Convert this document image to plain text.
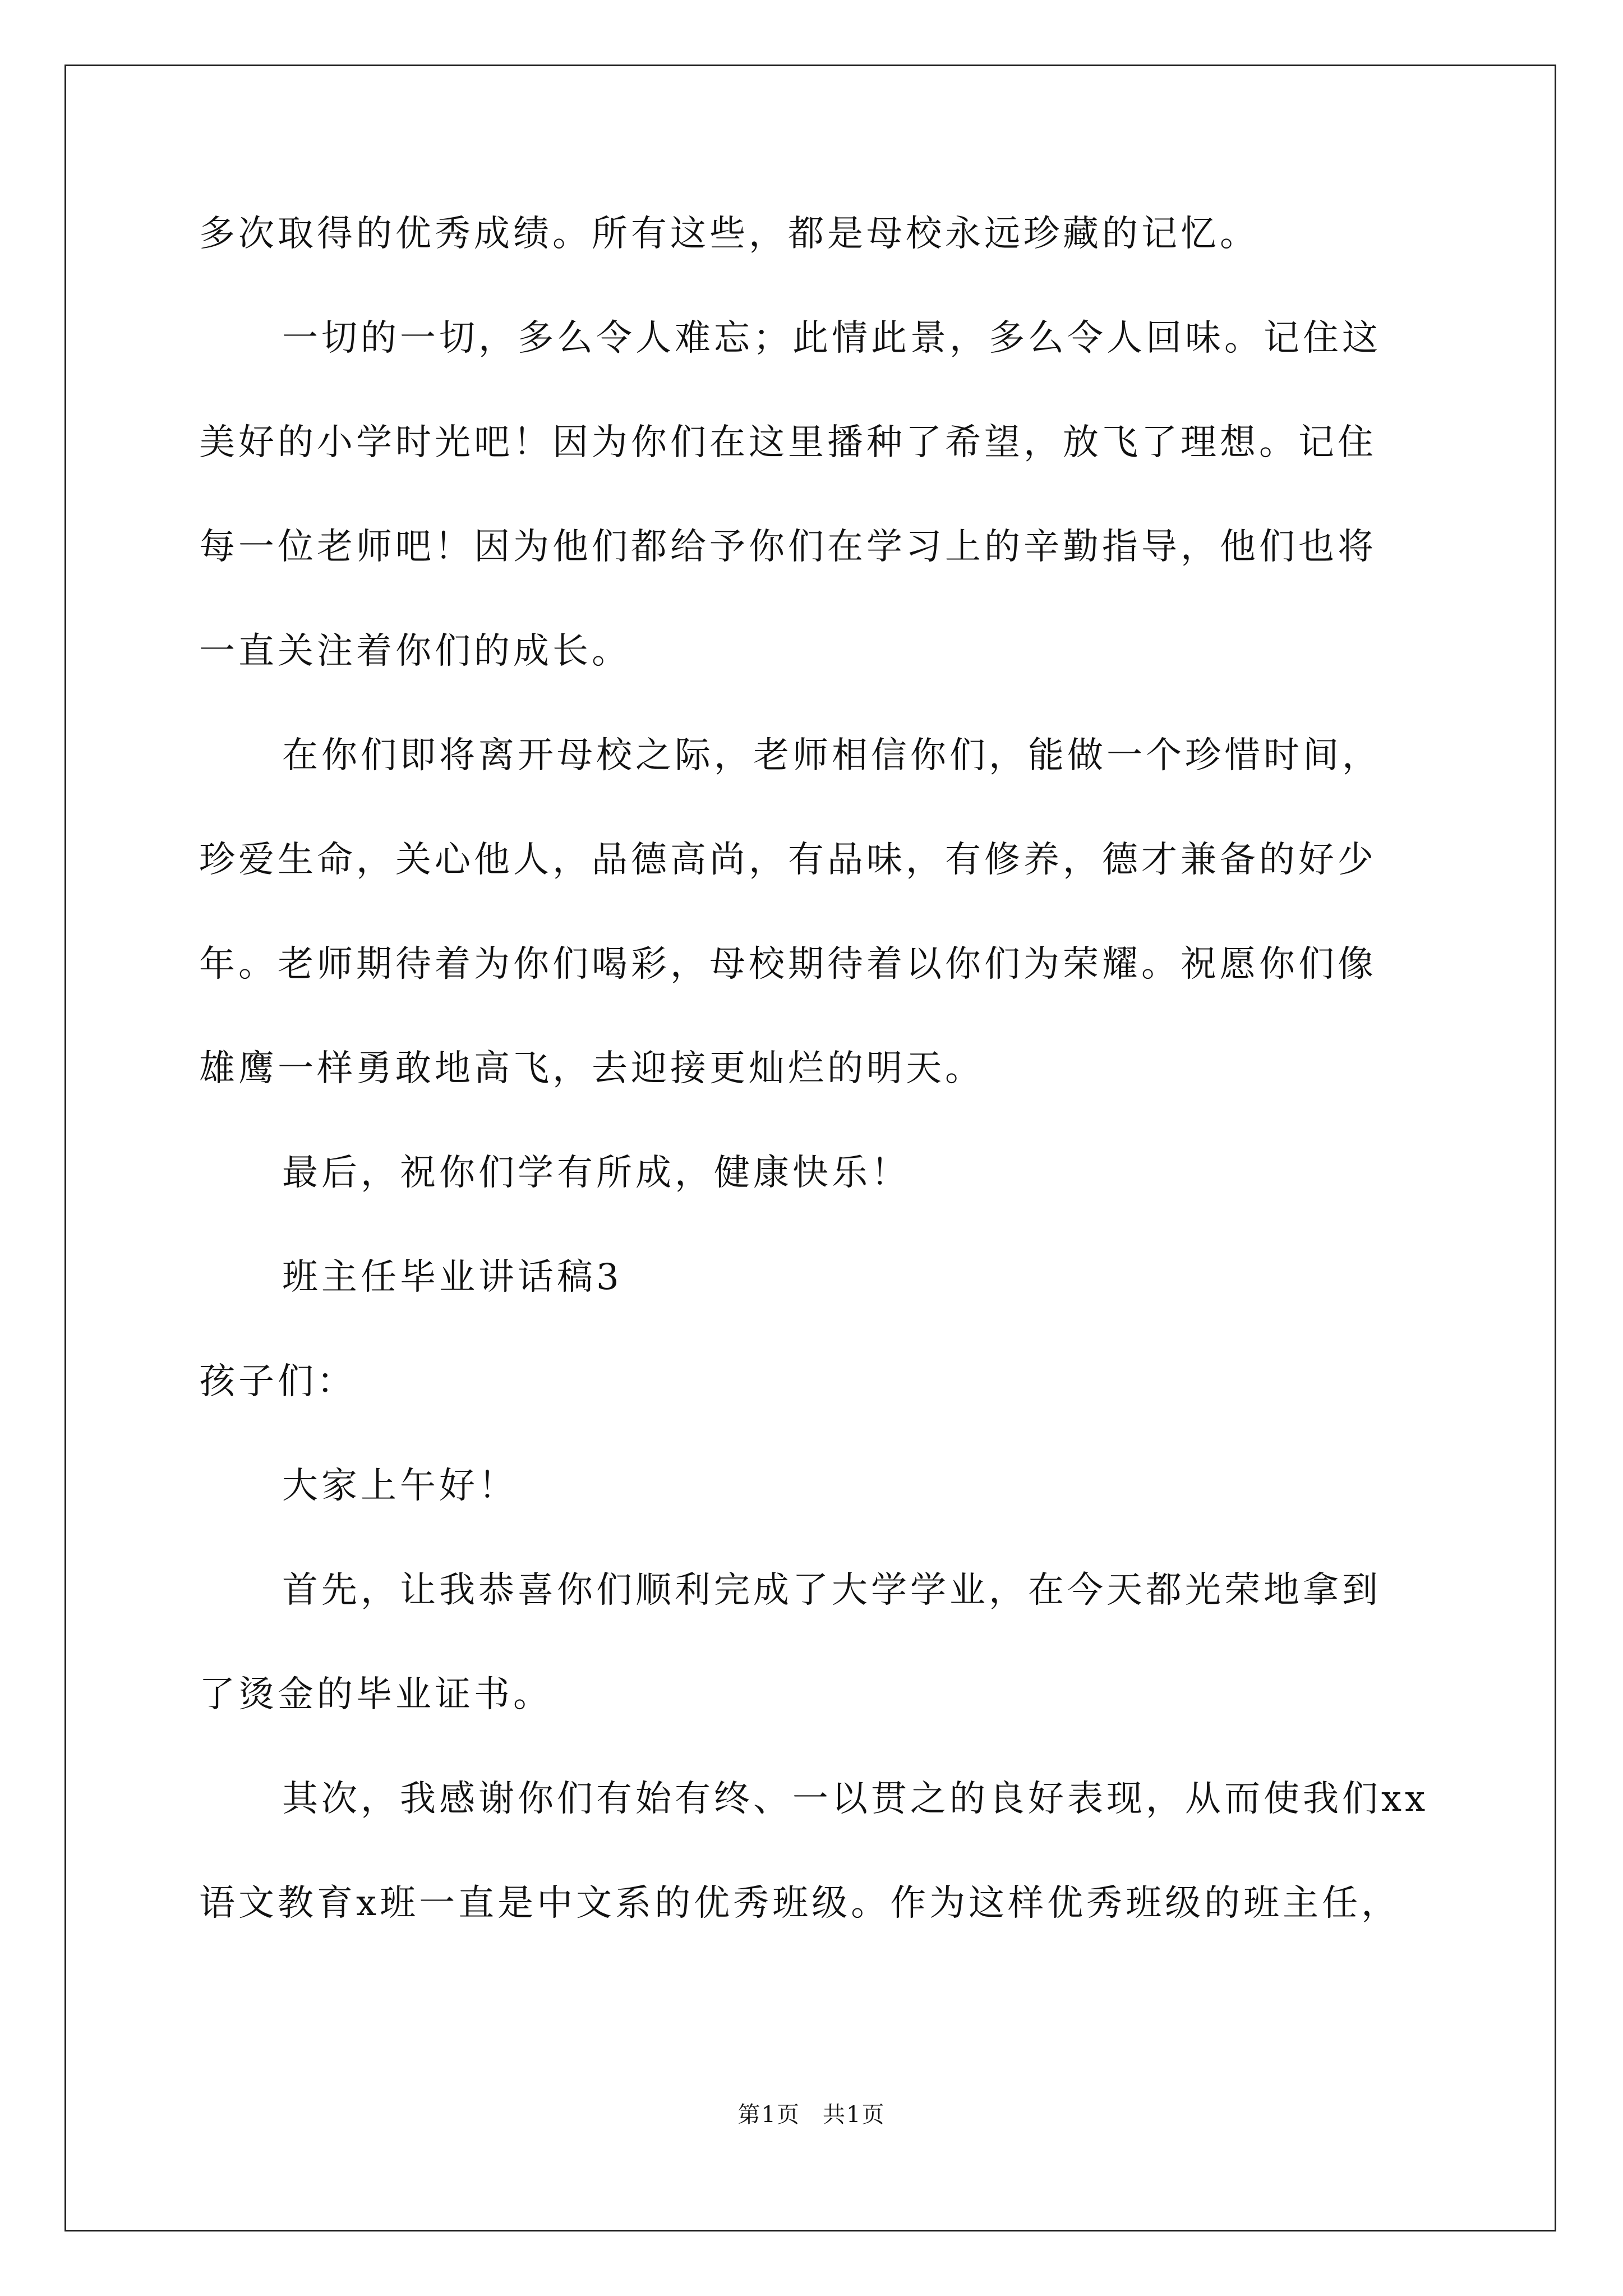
多次取得的优秀成绩。所有这些，都是母校永远珍藏的记忆。
一切的一切，多么令人难忘；此情此景，多么令人回味。记住这
美好的小学时光吧！因为你们在这里播种了希望，放飞了理想。记住
每一位老师吧！因为他们都给予你们在学习上的辛勤指导，他们也将
一直关注着你们的成长。
在你们即将离开母校之际，老师相信你们，能做一个珍惜时间，
珍爱生命，关心他人，品德高尚，有品味，有修养，德才兼备的好少
年。老师期待着为你们喝彩，母校期待着以你们为荣耀。祝愿你们像
雄鹰一样勇敢地高飞，去迎接更灿烂的明天。
最后，祝你们学有所成，健康快乐！
班主任毕业讲话稿3
孩子们：
大家上午好！
首先，让我恭喜你们顺利完成了大学学业，在今天都光荣地拿到
了烫金的毕业证书。
其次，我感谢你们有始有终、一以贯之的良好表现，从而使我们xx
语文教育x班一直是中文系的优秀班级。作为这样优秀班级的班主任，
第1页 共1页
